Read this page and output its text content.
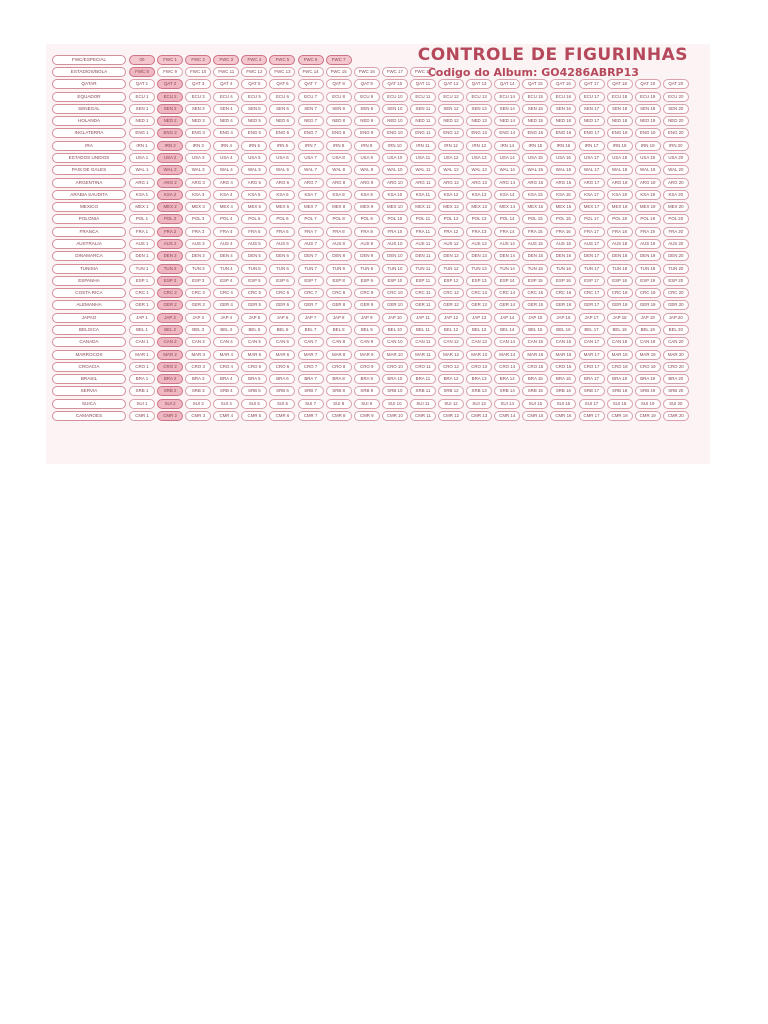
FWC/ESPECIAL	00	FWC 1	FWC 2	FWC 3	FWC 4	FWC 5	FWC 6	FWC 7
ESTADIOS/BOLA	FWC 8	FWC 9	FWC 10	FWC 11	FWC 12	FWC 13	FWC 14	FWC 15	FWC 16	FWC 17	FWC 18
QATAR	QAT 1	QAT 2	QAT 3	QAT 4	QAT 5	QAT 6	QAT 7	QAT 8	QAT 9	QAT 10	QAT 11	QAT 12	QAT 13	QAT 14	QAT 15	QAT 16	QAT 17	QAT 18	QAT 19	QAT 20
EQUADOR	ECU 1	ECU 2	ECU 3	ECU 4	ECU 5	ECU 6	ECU 7	ECU 8	ECU 9	ECU 10	ECU 11	ECU 12	ECU 13	ECU 14	ECU 15	ECU 16	ECU 17	ECU 18	ECU 19	ECU 20
SENEGAL	SEN 1	SEN 2	SEN 3	SEN 4	SEN 5	SEN 6	SEN 7	SEN 8	SEN 9	SEN 10	SEN 11	SEN 12	SEN 13	SEN 14	SEN 15	SEN 16	SEN 17	SEN 18	SEN 19	SEN 20
HOLANDA	NED 1	NED 2	NED 3	NED 4	NED 5	NED 6	NED 7	NED 8	NED 9	NED 10	NED 11	NED 12	NED 13	NED 14	NED 15	NED 16	NED 17	NED 18	NED 19	NED 20
INGLATERRA	ENG 1	ENG 2	ENG 3	ENG 4	ENG 5	ENG 6	ENG 7	ENG 8	ENG 9	ENG 10	ENG 11	ENG 12	ENG 13	ENG 14	ENG 15	ENG 16	ENG 17	ENG 18	ENG 19	ENG 20
IRA	IRN 1	IRN 2	IRN 3	IRN 4	IRN 5	IRN 6	IRN 7	IRN 8	IRN 9	IRN 10	IRN 11	IRN 12	IRN 13	IRN 14	IRN 15	IRN 16	IRN 17	IRN 18	IRN 19	IRN 20
ESTADOS UNIDOS	USA 1	USA 2	USA 3	USA 4	USA 5	USA 6	USA 7	USA 8	USA 9	USA 10	USA 11	USA 12	USA 13	USA 14	USA 15	USA 16	USA 17	USA 18	USA 19	USA 20
PAIS DE GALES	WAL 1	WAL 2	WAL 3	WAL 4	WAL 5	WAL 6	WAL 7	WAL 8	WAL 9	WAL 10	WAL 11	WAL 12	WAL 13	WAL 14	WAL 15	WAL 16	WAL 17	WAL 18	WAL 19	WAL 20
ARGENTINA	ARG 1	ARG 2	ARG 3	ARG 4	ARG 5	ARG 6	ARG 7	ARG 8	ARG 9	ARG 10	ARG 11	ARG 12	ARG 13	ARG 14	ARG 15	ARG 16	ARG 17	ARG 18	ARG 19	ARG 20
ARABIA SAUDITA	KSA 1	KSA 2	KSA 3	KSA 4	KSA 5	KSA 6	KSA 7	KSA 8	KSA 9	KSA 10	KSA 11	KSA 12	KSA 13	KSA 14	KSA 15	KSA 16	KSA 17	KSA 18	KSA 19	KSA 20
MEXICO	MEX 1	MEX 2	MEX 3	MEX 4	MEX 5	MEX 6	MEX 7	MEX 8	MEX 9	MEX 10	MEX 11	MEX 12	MEX 13	MEX 14	MEX 15	MEX 16	MEX 17	MEX 18	MEX 19	MEX 20
POLONIA	POL 1	POL 2	POL 3	POL 4	POL 5	POL 6	POL 7	POL 8	POL 9	POL 10	POL 11	POL 12	POL 13	POL 14	POL 15	POL 16	POL 17	POL 18	POL 19	POL 20
FRANCA	FRA 1	FRA 2	FRA 3	FRA 4	FRA 5	FRA 6	FRA 7	FRA 8	FRA 9	FRA 10	FRA 11	FRA 12	FRA 13	FRA 14	FRA 15	FRA 16	FRA 17	FRA 18	FRA 19	FRA 20
AUSTRALIA	AUS 1	AUS 2	AUS 3	AUS 4	AUS 5	AUS 6	AUS 7	AUS 8	AUS 9	AUS 10	AUS 11	AUS 12	AUS 13	AUS 14	AUS 15	AUS 16	AUS 17	AUS 18	AUS 19	AUS 20
DINAMARCA	DEN 1	DEN 2	DEN 3	DEN 4	DEN 5	DEN 6	DEN 7	DEN 8	DEN 9	DEN 10	DEN 11	DEN 12	DEN 13	DEN 14	DEN 15	DEN 16	DEN 17	DEN 18	DEN 19	DEN 20
TUNISIA	TUN 1	TUN 2	TUN 3	TUN 4	TUN 5	TUN 6	TUN 7	TUN 8	TUN 9	TUN 10	TUN 11	TUN 12	TUN 13	TUN 14	TUN 15	TUN 16	TUN 17	TUN 18	TUN 19	TUN 20
ESPANHA	ESP 1	ESP 2	ESP 3	ESP 4	ESP 5	ESP 6	ESP 7	ESP 8	ESP 9	ESP 10	ESP 11	ESP 12	ESP 13	ESP 14	ESP 15	ESP 16	ESP 17	ESP 18	ESP 19	ESP 20
COSTA RICA	CRC 1	CRC 2	CRC 3	CRC 4	CRC 5	CRC 6	CRC 7	CRC 8	CRC 9	CRC 10	CRC 11	CRC 12	CRC 13	CRC 14	CRC 15	CRC 16	CRC 17	CRC 18	CRC 19	CRC 20
ALEMANHA	GER 1	GER 2	GER 3	GER 4	GER 5	GER 6	GER 7	GER 8	GER 9	GER 10	GER 11	GER 12	GER 13	GER 14	GER 15	GER 16	GER 17	GER 18	GER 19	GER 20
JAPAO	JAP 1	JAP 2	JAP 3	JAP 4	JAP 5	JAP 6	JAP 7	JAP 8	JAP 9	JAP 10	JAP 11	JAP 12	JAP 13	JAP 14	JAP 15	JAP 16	JAP 17	JAP 18	JAP 19	JAP 20
BELGICA	BEL 1	BEL 2	BEL 3	BEL 4	BEL 5	BEL 6	BEL 7	BEL 8	BEL 9	BEL 10	BEL 11	BEL 12	BEL 13	BEL 14	BEL 15	BEL 16	BEL 17	BEL 18	BEL 19	BEL 20
CANADA	CAN 1	CAN 2	CAN 3	CAN 4	CAN 5	CAN 6	CAN 7	CAN 8	CAN 9	CAN 10	CAN 11	CAN 12	CAN 13	CAN 14	CAN 15	CAN 16	CAN 17	CAN 18	CAN 19	CAN 20
MARROCOS	MAR 1	MAR 2	MAR 3	MAR 4	MAR 5	MAR 6	MAR 7	MAR 8	MAR 9	MAR 10	MAR 11	MAR 12	MAR 13	MAR 14	MAR 15	MAR 16	MAR 17	MAR 18	MAR 19	MAR 20
CROACIA	CRO 1	CRO 2	CRO 3	CRO 4	CRO 5	CRO 6	CRO 7	CRO 8	CRO 9	CRO 10	CRO 11	CRO 12	CRO 13	CRO 14	CRO 15	CRO 16	CRO 17	CRO 18	CRO 19	CRO 20
BRASIL	BRA 1	BRA 2	BRA 3	BRA 4	BRA 5	BRA 6	BRA 7	BRA 8	BRA 9	BRA 10	BRA 11	BRA 12	BRA 13	BRA 14	BRA 15	BRA 16	BRA 17	BRA 18	BRA 19	BRA 20
SERVIA	SRB 1	SRB 2	SRB 3	SRB 4	SRB 5	SRB 6	SRB 7	SRB 8	SRB 9	SRB 10	SRB 11	SRB 12	SRB 13	SRB 14	SRB 15	SRB 16	SRB 17	SRB 18	SRB 19	SRB 20
SUICA	SUI 1	SUI 2	SUI 3	SUI 4	SUI 5	SUI 6	SUI 7	SUI 8	SUI 9	SUI 10	SUI 11	SUI 12	SUI 13	SUI 14	SUI 15	SUI 16	SUI 17	SUI 18	SUI 19	SUI 20
CAMAROES	CMR 1	CMR 2	CMR 3	CMR 4	CMR 5	CMR 6	CMR 7	CMR 8	CMR 9	CMR 10	CMR 11	CMR 12	CMR 13	CMR 14	CMR 15	CMR 16	CMR 17	CMR 18	CMR 19	CMR 20
CONTROLE DE FIGURINHAS
Codigo do Album: GO4286ABRP13
